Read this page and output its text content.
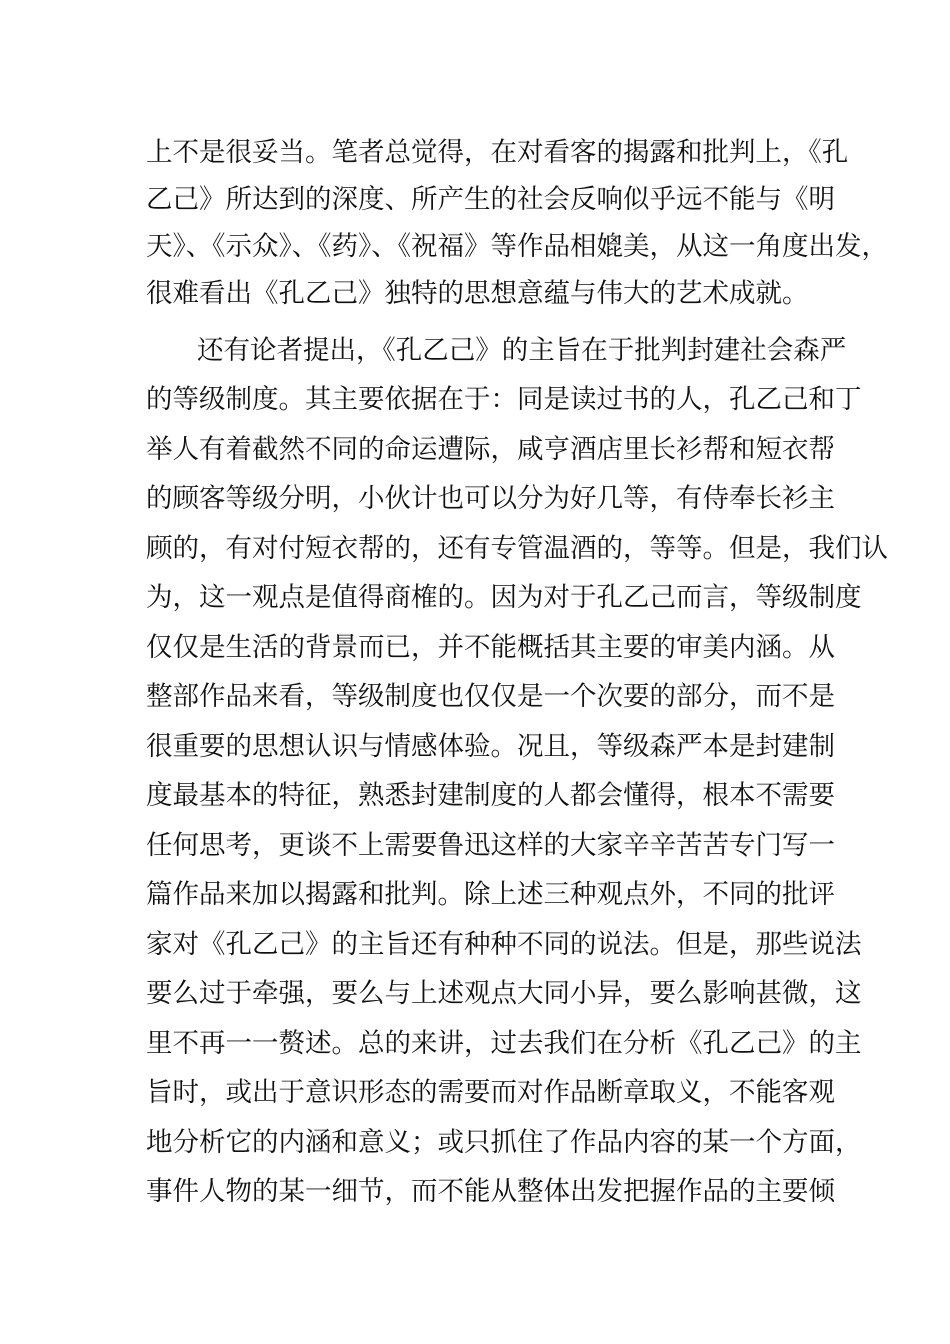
上不是很妥当。笔者总觉得，在对看客的揭露和批判上，《孔
乙己》所达到的深度、所产生的社会反响似乎远不能与《明
天》、《示众》、《药》、《祝福》等作品相媲美，从这一角度出发，
很难看出《孔乙己》独特的思想意蕴与伟大的艺术成就。
还有论者提出，《孔乙己》的主旨在于批判封建社会森严
的等级制度。其主要依据在于：同是读过书的人，孔乙己和丁
举人有着截然不同的命运遭际，咸亨酒店里长衫帮和短衣帮
的顾客等级分明，小伙计也可以分为好几等，有侍奉长衫主
顾的，有对付短衣帮的，还有专管温酒的，等等。但是，我们认
为，这一观点是值得商榷的。因为对于孔乙己而言，等级制度
仅仅是生活的背景而已，并不能概括其主要的审美内涵。从
整部作品来看，等级制度也仅仅是一个次要的部分，而不是
很重要的思想认识与情感体验。况且，等级森严本是封建制
度最基本的特征，熟悉封建制度的人都会懂得，根本不需要
任何思考，更谈不上需要鲁迅这样的大家辛辛苦苦专门写一
篇作品来加以揭露和批判。除上述三种观点外，不同的批评
家对《孔乙己》的主旨还有种种不同的说法。但是，那些说法
要么过于牵强，要么与上述观点大同小异，要么影响甚微，这
里不再一一赘述。总的来讲，过去我们在分析《孔乙己》的主
旨时，或出于意识形态的需要而对作品断章取义，不能客观
地分析它的内涵和意义；或只抓住了作品内容的某一个方面，
事件人物的某一细节，而不能从整体出发把握作品的主要倾
